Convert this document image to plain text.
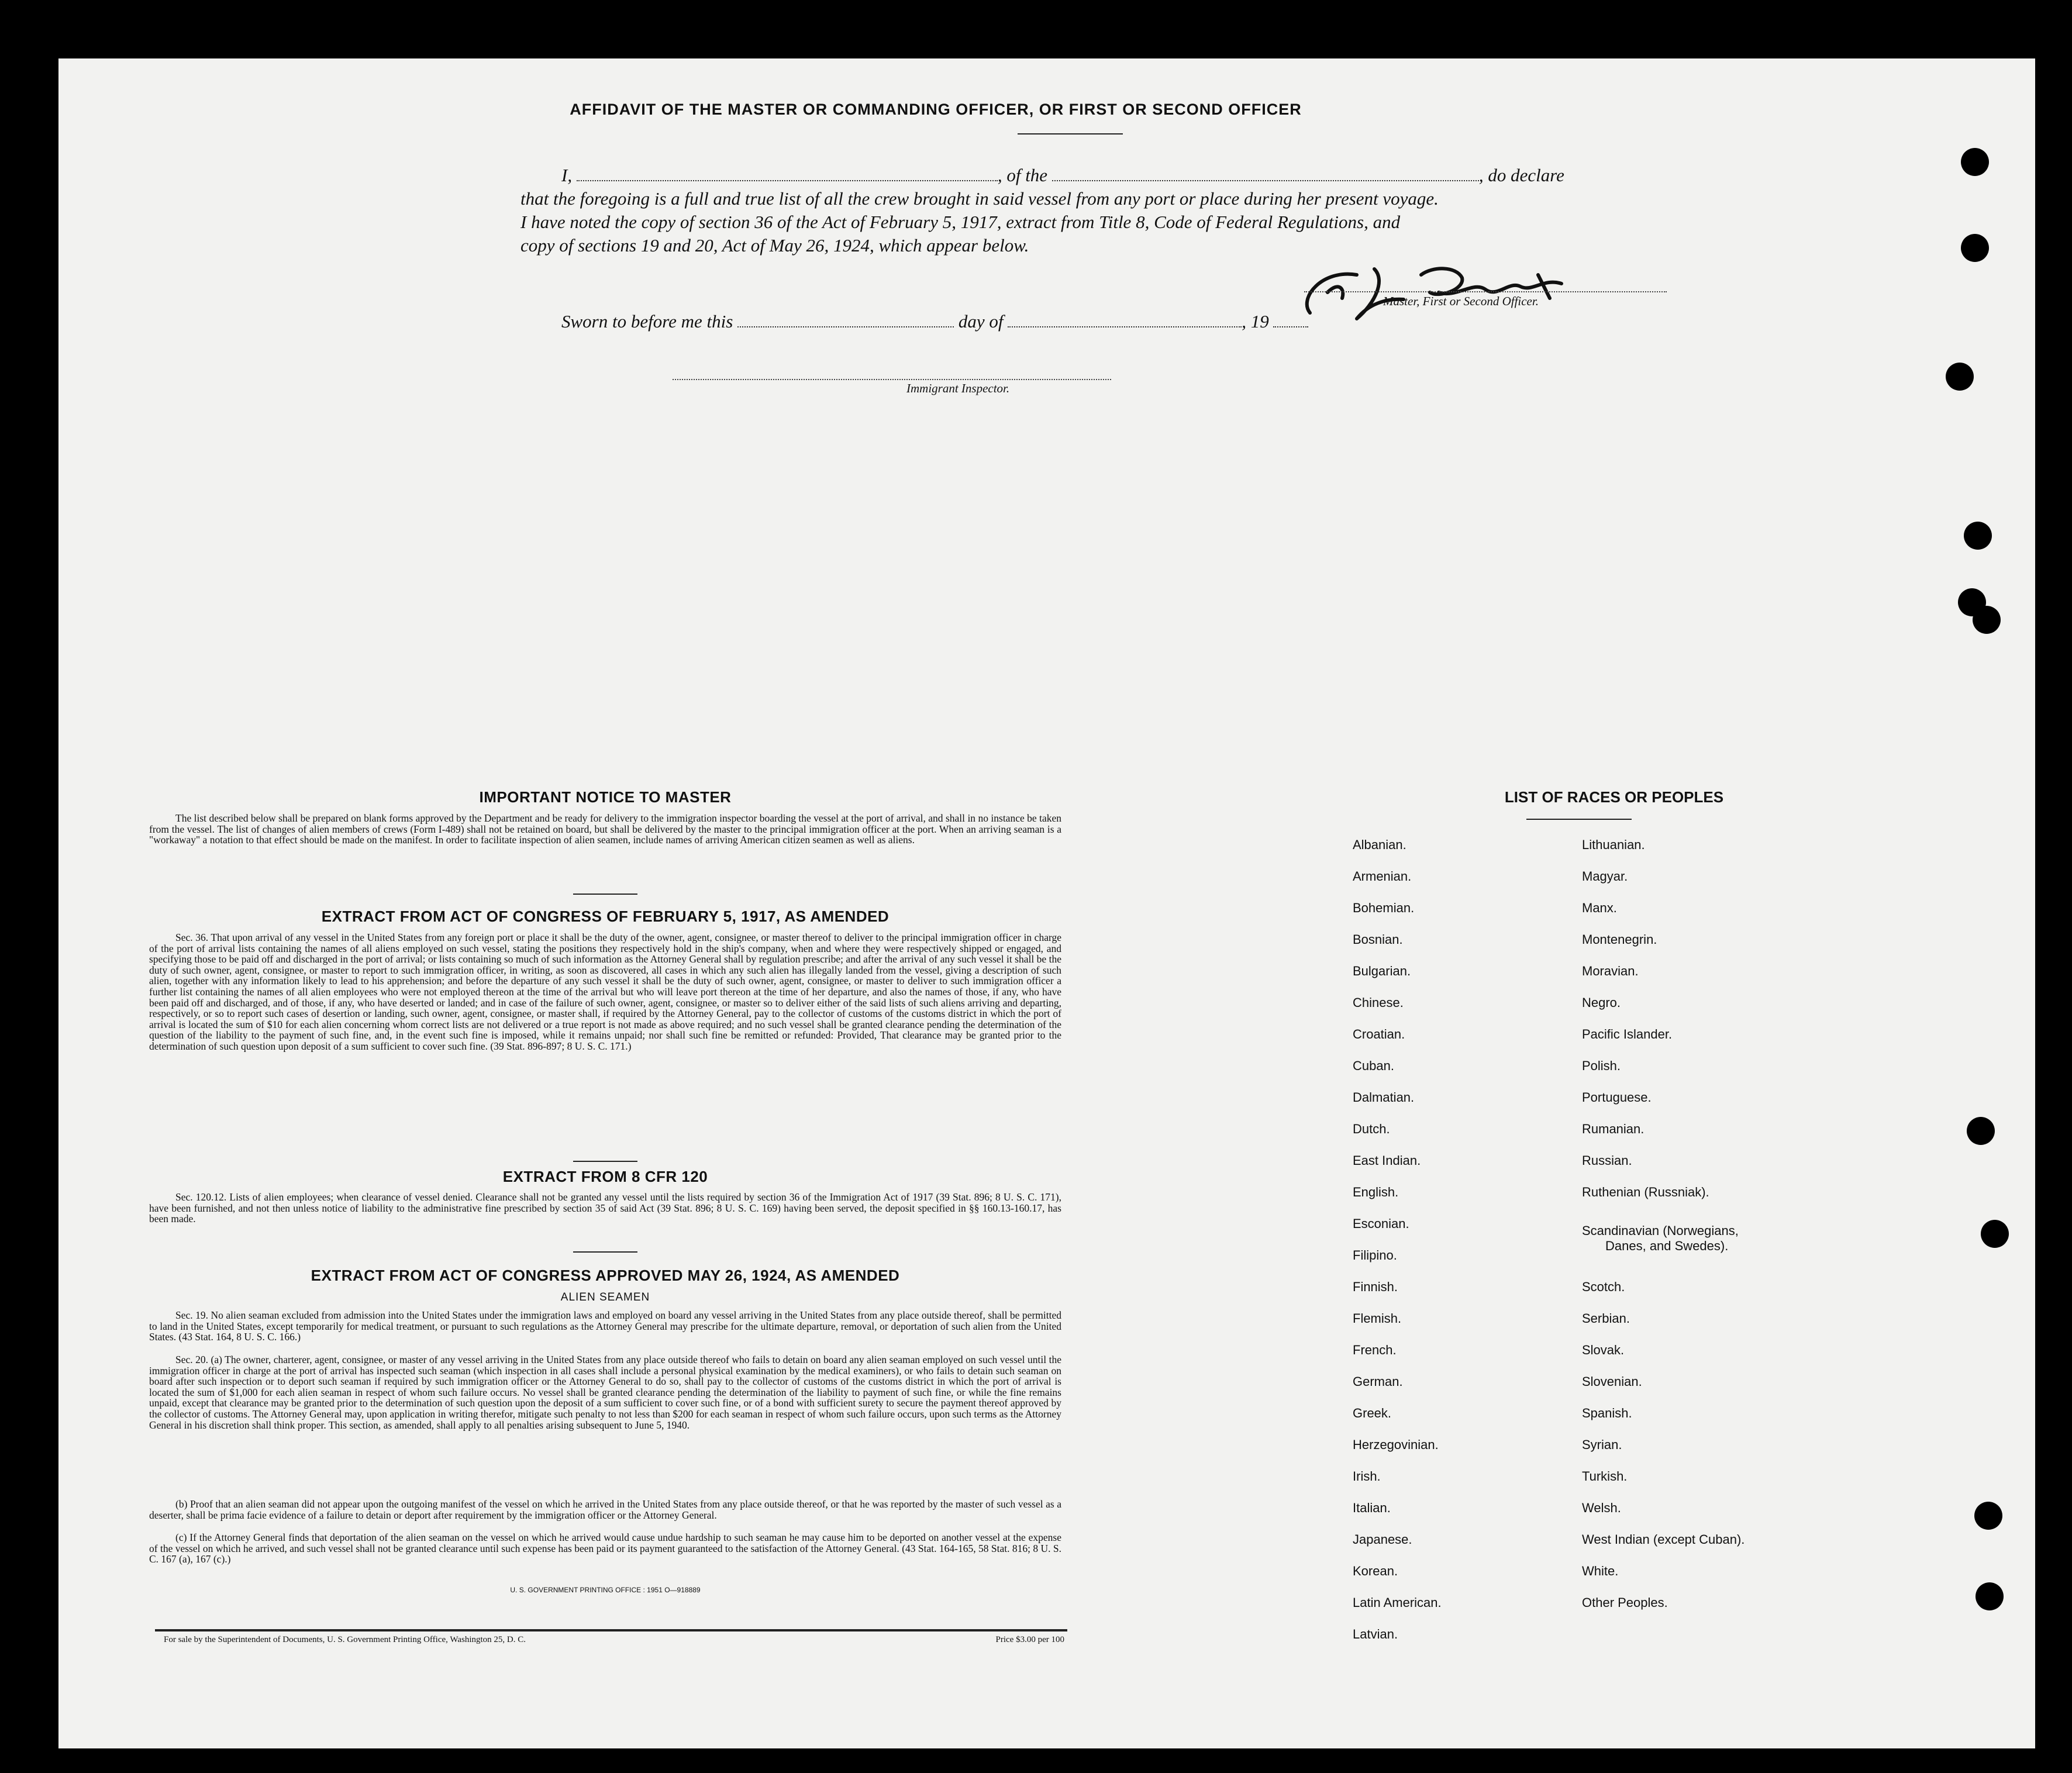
AFFIDAVIT OF THE MASTER OR COMMANDING OFFICER, OR FIRST OR SECOND OFFICER
I,	, of the	, do declare
that the foregoing is a full and true list of all the crew brought in said vessel from any port or place during her present voyage.
I have noted the copy of section 36 of the Act of February 5, 1917, extract from Title 8, Code of Federal Regulations, and
copy of sections 19 and 20, Act of May 26, 1924, which appear below.
Master, First or Second Officer.
Sworn to before me this	day of	, 19
Immigrant Inspector.
IMPORTANT NOTICE TO MASTER
The list described below shall be prepared on blank forms approved by the Department and be ready for delivery to the immigration inspector boarding the vessel at the port of arrival, and shall in no instance be taken from the vessel. The list of changes of alien members of crews (Form I-489) shall not be retained on board, but shall be delivered by the master to the principal immigration officer at the port. When an arriving seaman is a "workaway" a notation to that effect should be made on the manifest. In order to facilitate inspection of alien seamen, include names of arriving American citizen seamen as well as aliens.
EXTRACT FROM ACT OF CONGRESS OF FEBRUARY 5, 1917, AS AMENDED
Sec. 36. That upon arrival of any vessel in the United States from any foreign port or place it shall be the duty of the owner, agent, consignee, or master thereof to deliver to the principal immigration officer in charge of the port of arrival lists containing the names of all aliens employed on such vessel, stating the positions they respectively hold in the ship's company, when and where they were respectively shipped or engaged, and specifying those to be paid off and discharged in the port of arrival; or lists containing so much of such information as the Attorney General shall by regulation prescribe; and after the arrival of any such vessel it shall be the duty of such owner, agent, consignee, or master to report to such immigration officer, in writing, as soon as discovered, all cases in which any such alien has illegally landed from the vessel, giving a description of such alien, together with any information likely to lead to his apprehension; and before the departure of any such vessel it shall be the duty of such owner, agent, consignee, or master to deliver to such immigration officer a further list containing the names of all alien employees who were not employed thereon at the time of the arrival but who will leave port thereon at the time of her departure, and also the names of those, if any, who have been paid off and discharged, and of those, if any, who have deserted or landed; and in case of the failure of such owner, agent, consignee, or master so to deliver either of the said lists of such aliens arriving and departing, respectively, or so to report such cases of desertion or landing, such owner, agent, consignee, or master shall, if required by the Attorney General, pay to the collector of customs of the customs district in which the port of arrival is located the sum of $10 for each alien concerning whom correct lists are not delivered or a true report is not made as above required; and no such vessel shall be granted clearance pending the determination of the question of the liability to the payment of such fine, and, in the event such fine is imposed, while it remains unpaid; nor shall such fine be remitted or refunded: Provided, That clearance may be granted prior to the determination of such question upon deposit of a sum sufficient to cover such fine. (39 Stat. 896-897; 8 U. S. C. 171.)
EXTRACT FROM 8 CFR 120
Sec. 120.12. Lists of alien employees; when clearance of vessel denied. Clearance shall not be granted any vessel until the lists required by section 36 of the Immigration Act of 1917 (39 Stat. 896; 8 U. S. C. 171), have been furnished, and not then unless notice of liability to the administrative fine prescribed by section 35 of said Act (39 Stat. 896; 8 U. S. C. 169) having been served, the deposit specified in §§ 160.13-160.17, has been made.
EXTRACT FROM ACT OF CONGRESS APPROVED MAY 26, 1924, AS AMENDED
ALIEN SEAMEN
Sec. 19. No alien seaman excluded from admission into the United States under the immigration laws and employed on board any vessel arriving in the United States from any place outside thereof, shall be permitted to land in the United States, except temporarily for medical treatment, or pursuant to such regulations as the Attorney General may prescribe for the ultimate departure, removal, or deportation of such alien from the United States. (43 Stat. 164, 8 U. S. C. 166.)
Sec. 20. (a) The owner, charterer, agent, consignee, or master of any vessel arriving in the United States from any place outside thereof who fails to detain on board any alien seaman employed on such vessel until the immigration officer in charge at the port of arrival has inspected such seaman (which inspection in all cases shall include a personal physical examination by the medical examiners), or who fails to detain such seaman on board after such inspection or to deport such seaman if required by such immigration officer or the Attorney General to do so, shall pay to the collector of customs of the customs district in which the port of arrival is located the sum of $1,000 for each alien seaman in respect of whom such failure occurs. No vessel shall be granted clearance pending the determination of the liability to payment of such fine, or while the fine remains unpaid, except that clearance may be granted prior to the determination of such question upon the deposit of a sum sufficient to cover such fine, or of a bond with sufficient surety to secure the payment thereof approved by the collector of customs. The Attorney General may, upon application in writing therefor, mitigate such penalty to not less than $200 for each seaman in respect of whom such failure occurs, upon such terms as the Attorney General in his discretion shall think proper. This section, as amended, shall apply to all penalties arising subsequent to June 5, 1940.
(b) Proof that an alien seaman did not appear upon the outgoing manifest of the vessel on which he arrived in the United States from any place outside thereof, or that he was reported by the master of such vessel as a deserter, shall be prima facie evidence of a failure to detain or deport after requirement by the immigration officer or the Attorney General.
(c) If the Attorney General finds that deportation of the alien seaman on the vessel on which he arrived would cause undue hardship to such seaman he may cause him to be deported on another vessel at the expense of the vessel on which he arrived, and such vessel shall not be granted clearance until such expense has been paid or its payment guaranteed to the satisfaction of the Attorney General. (43 Stat. 164-165, 58 Stat. 816; 8 U. S. C. 167 (a), 167 (c).)
U. S. GOVERNMENT PRINTING OFFICE : 1951 O—918889
For sale by the Superintendent of Documents, U. S. Government Printing Office, Washington 25, D. C.	Price $3.00 per 100
LIST OF RACES OR PEOPLES
Albanian.
Armenian.
Bohemian.
Bosnian.
Bulgarian.
Chinese.
Croatian.
Cuban.
Dalmatian.
Dutch.
East Indian.
English.
Esconian.
Filipino.
Finnish.
Flemish.
French.
German.
Greek.
Herzegovinian.
Irish.
Italian.
Japanese.
Korean.
Latin American.
Latvian.
Lithuanian.
Magyar.
Manx.
Montenegrin.
Moravian.
Negro.
Pacific Islander.
Polish.
Portuguese.
Rumanian.
Russian.
Ruthenian (Russniak).
Scandinavian (Norwegians,
Danes, and Swedes).
Scotch.
Serbian.
Slovak.
Slovenian.
Spanish.
Syrian.
Turkish.
Welsh.
West Indian (except Cuban).
White.
Other Peoples.
